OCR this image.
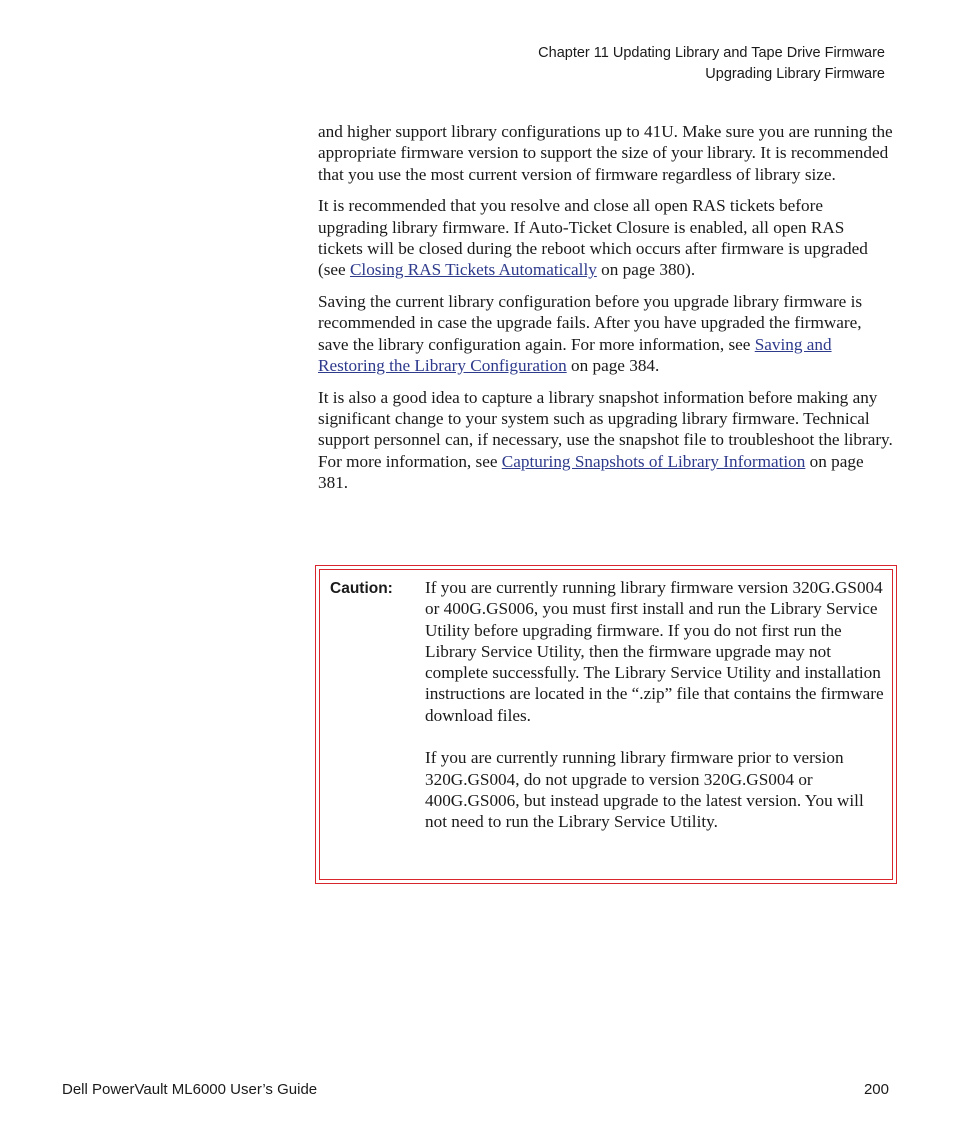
Chapter 11 Updating Library and Tape Drive Firmware
Upgrading Library Firmware

and higher support library configurations up to 41U. Make sure you are running the appropriate firmware version to support the size of your library. It is recommended that you use the most current version of firmware regardless of library size.

It is recommended that you resolve and close all open RAS tickets before upgrading library firmware. If Auto-Ticket Closure is enabled, all open RAS tickets will be closed during the reboot which occurs after firmware is upgraded (see Closing RAS Tickets Automatically on page 380).

Saving the current library configuration before you upgrade library firmware is recommended in case the upgrade fails. After you have upgraded the firmware, save the library configuration again. For more information, see Saving and Restoring the Library Configuration on page 384.

It is also a good idea to capture a library snapshot information before making any significant change to your system such as upgrading library firmware. Technical support personnel can, if necessary, use the snapshot file to troubleshoot the library. For more information, see Capturing Snapshots of Library Information on page 381.

Caution: If you are currently running library firmware version 320G.GS004 or 400G.GS006, you must first install and run the Library Service Utility before upgrading firmware. If you do not first run the Library Service Utility, then the firmware upgrade may not complete successfully. The Library Service Utility and installation instructions are located in the “.zip” file that contains the firmware download files.

If you are currently running library firmware prior to version 320G.GS004, do not upgrade to version 320G.GS004 or 400G.GS006, but instead upgrade to the latest version. You will not need to run the Library Service Utility.

Dell PowerVault ML6000 User’s Guide	200
